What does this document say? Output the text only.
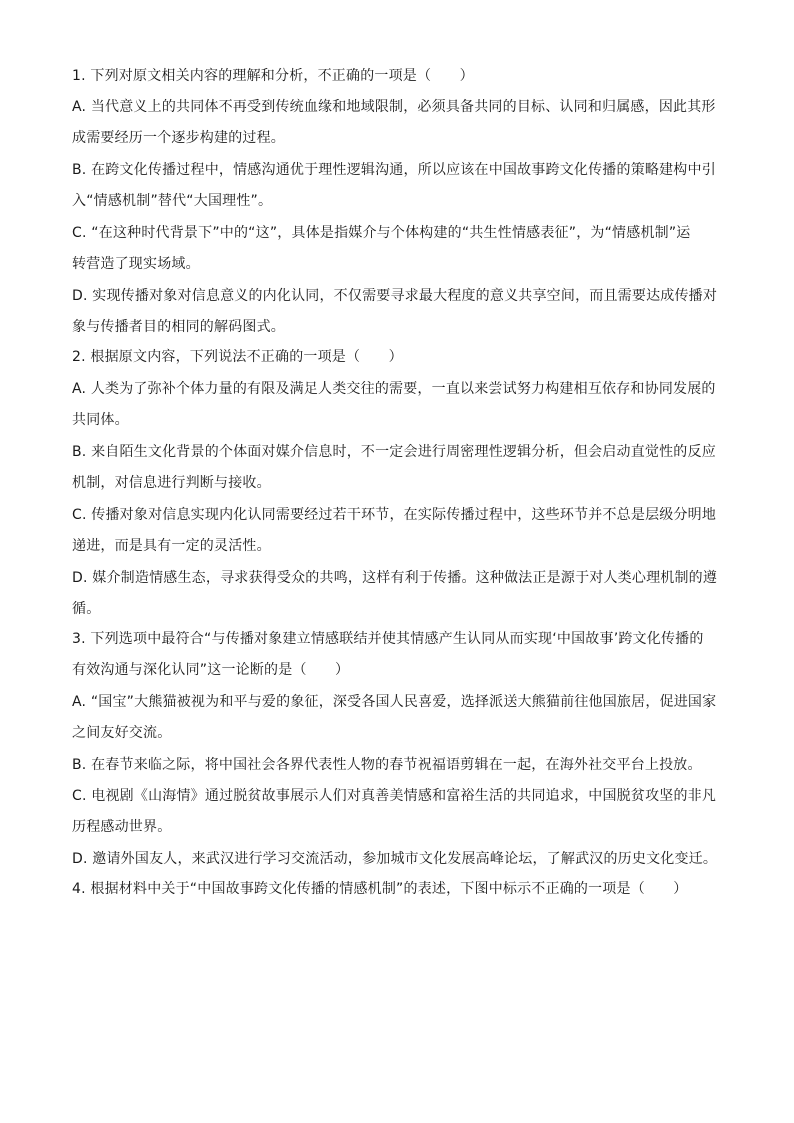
1. 下列对原文相关内容的理解和分析，不正确的一项是（　　）
A. 当代意义上的共同体不再受到传统血缘和地域限制，必须具备共同的目标、认同和归属感，因此其形
成需要经历一个逐步构建的过程。
B. 在跨文化传播过程中，情感沟通优于理性逻辑沟通，所以应该在中国故事跨文化传播的策略建构中引
入“情感机制”替代“大国理性”。
C. “在这种时代背景下”中的“这”，具体是指媒介与个体构建的“共生性情感表征”，为“情感机制”运
转营造了现实场域。
D. 实现传播对象对信息意义的内化认同，不仅需要寻求最大程度的意义共享空间，而且需要达成传播对
象与传播者目的相同的解码图式。
2. 根据原文内容，下列说法不正确的一项是（　　）
A. 人类为了弥补个体力量的有限及满足人类交往的需要，一直以来尝试努力构建相互依存和协同发展的
共同体。
B. 来自陌生文化背景的个体面对媒介信息时，不一定会进行周密理性逻辑分析，但会启动直觉性的反应
机制，对信息进行判断与接收。
C. 传播对象对信息实现内化认同需要经过若干环节，在实际传播过程中，这些环节并不总是层级分明地
递进，而是具有一定的灵活性。
D. 媒介制造情感生态，寻求获得受众的共鸣，这样有利于传播。这种做法正是源于对人类心理机制的遵
循。
3. 下列选项中最符合“与传播对象建立情感联结并使其情感产生认同从而实现‘中国故事’跨文化传播的
有效沟通与深化认同”这一论断的是（　　）
A. “国宝”大熊猫被视为和平与爱的象征，深受各国人民喜爱，选择派送大熊猫前往他国旅居，促进国家
之间友好交流。
B. 在春节来临之际，将中国社会各界代表性人物的春节祝福语剪辑在一起，在海外社交平台上投放。
C. 电视剧《山海情》通过脱贫故事展示人们对真善美情感和富裕生活的共同追求，中国脱贫攻坚的非凡
历程感动世界。
D. 邀请外国友人，来武汉进行学习交流活动，参加城市文化发展高峰论坛，了解武汉的历史文化变迁。
4. 根据材料中关于“中国故事跨文化传播的情感机制”的表述，下图中标示不正确的一项是（　　）
